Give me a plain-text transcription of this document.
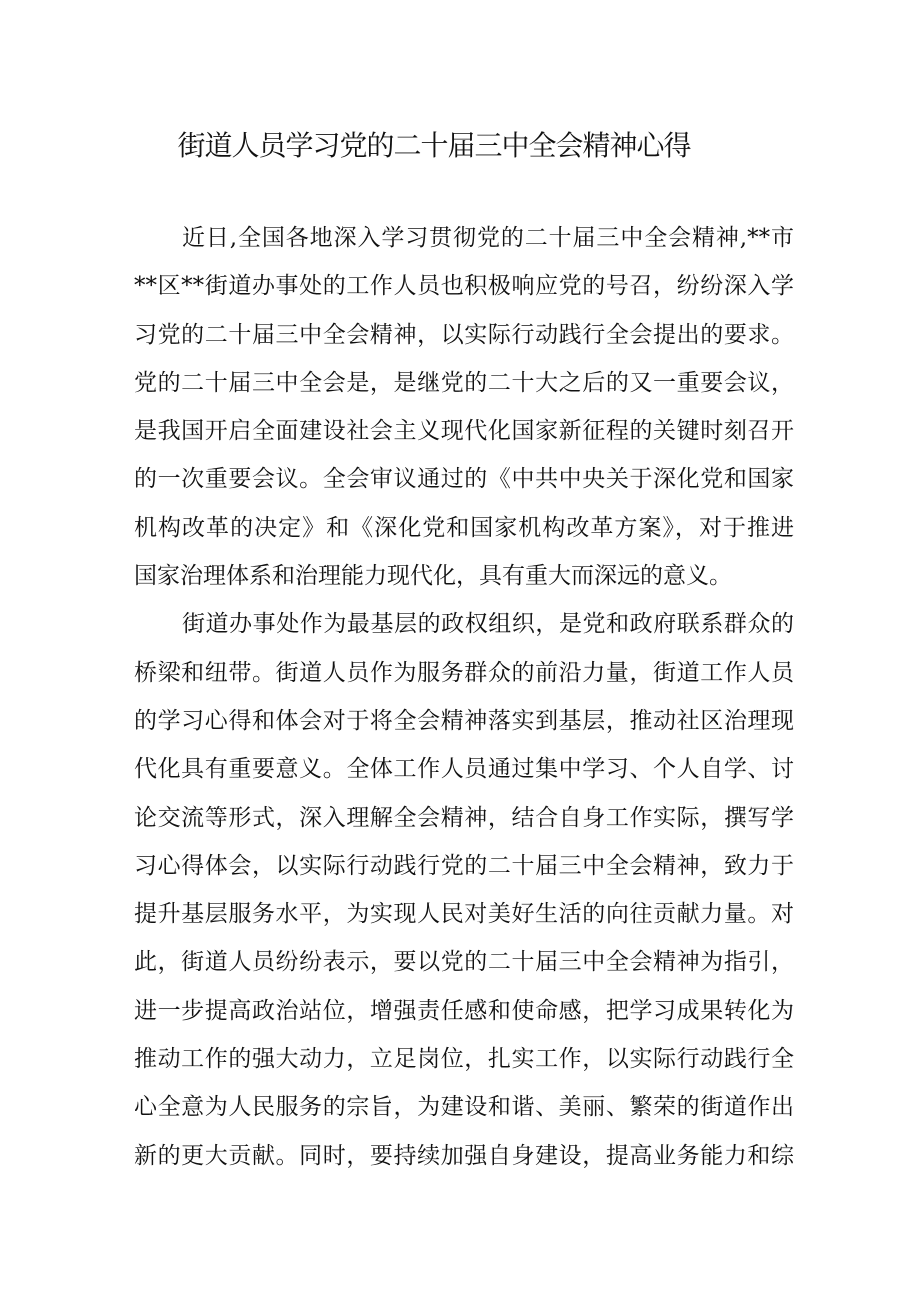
街道人员学习党的二十届三中全会精神心得
近日,全国各地深入学习贯彻党的二十届三中全会精神,**市
**区**街道办事处的工作人员也积极响应党的号召，纷纷深入学
习党的二十届三中全会精神，以实际行动践行全会提出的要求。
党的二十届三中全会是，是继党的二十大之后的又一重要会议，
是我国开启全面建设社会主义现代化国家新征程的关键时刻召开
的一次重要会议。全会审议通过的《中共中央关于深化党和国家
机构改革的决定》和《深化党和国家机构改革方案》，对于推进
国家治理体系和治理能力现代化，具有重大而深远的意义。
街道办事处作为最基层的政权组织，是党和政府联系群众的
桥梁和纽带。街道人员作为服务群众的前沿力量，街道工作人员
的学习心得和体会对于将全会精神落实到基层，推动社区治理现
代化具有重要意义。全体工作人员通过集中学习、个人自学、讨
论交流等形式，深入理解全会精神，结合自身工作实际，撰写学
习心得体会，以实际行动践行党的二十届三中全会精神，致力于
提升基层服务水平，为实现人民对美好生活的向往贡献力量。对
此，街道人员纷纷表示，要以党的二十届三中全会精神为指引，
进一步提高政治站位，增强责任感和使命感，把学习成果转化为
推动工作的强大动力，立足岗位，扎实工作，以实际行动践行全
心全意为人民服务的宗旨，为建设和谐、美丽、繁荣的街道作出
新的更大贡献。同时，要持续加强自身建设，提高业务能力和综
